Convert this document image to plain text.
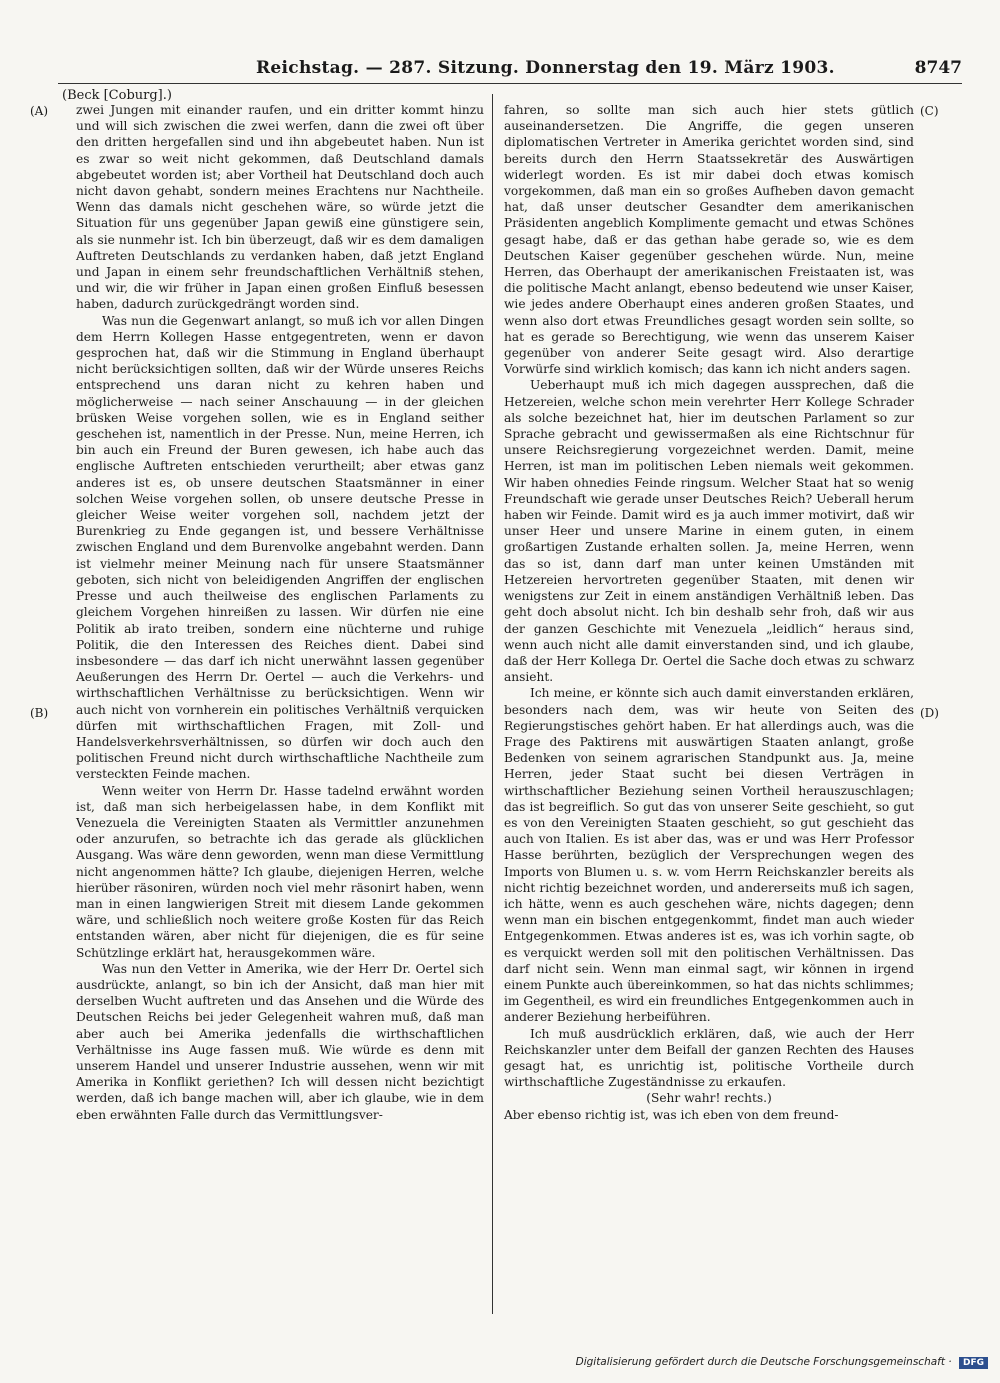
Reichstag. — 287. Sitzung. Donnerstag den 19. März 1903.	8747
(Beck [Coburg].)
(A)
(B)
(C)
(D)

zwei Jungen mit einander raufen, und ein dritter kommt hinzu und will sich zwischen die zwei werfen, dann die zwei oft über den dritten hergefallen sind und ihn abgebeutet haben. Nun ist es zwar so weit nicht gekommen, daß Deutschland damals abgebeutet worden ist; aber Vortheil hat Deutschland doch auch nicht davon gehabt, sondern meines Erachtens nur Nachtheile. Wenn das damals nicht geschehen wäre, so würde jetzt die Situation für uns gegenüber Japan gewiß eine günstigere sein, als sie nunmehr ist. Ich bin überzeugt, daß wir es dem damaligen Auftreten Deutschlands zu verdanken haben, daß jetzt England und Japan in einem sehr freundschaftlichen Verhältniß stehen, und wir, die wir früher in Japan einen großen Einfluß besessen haben, dadurch zurückgedrängt worden sind.

Was nun die Gegenwart anlangt, so muß ich vor allen Dingen dem Herrn Kollegen Hasse entgegentreten, wenn er davon gesprochen hat, daß wir die Stimmung in England überhaupt nicht berücksichtigen sollten, daß wir der Würde unseres Reichs entsprechend uns daran nicht zu kehren haben und möglicherweise — nach seiner Anschauung — in der gleichen brüsken Weise vorgehen sollen, wie es in England seither geschehen ist, namentlich in der Presse. Nun, meine Herren, ich bin auch ein Freund der Buren gewesen, ich habe auch das englische Auftreten entschieden verurtheilt; aber etwas ganz anderes ist es, ob unsere deutschen Staatsmänner in einer solchen Weise vorgehen sollen, ob unsere deutsche Presse in gleicher Weise weiter vorgehen soll, nachdem jetzt der Burenkrieg zu Ende gegangen ist, und bessere Verhältnisse zwischen England und dem Burenvolke angebahnt werden. Dann ist vielmehr meiner Meinung nach für unsere Staatsmänner geboten, sich nicht von beleidigenden Angriffen der englischen Presse und auch theilweise des englischen Parlaments zu gleichem Vorgehen hinreißen zu lassen. Wir dürfen nie eine Politik ab irato treiben, sondern eine nüchterne und ruhige Politik, die den Interessen des Reiches dient. Dabei sind insbesondere — das darf ich nicht unerwähnt lassen gegenüber Aeußerungen des Herrn Dr. Oertel — auch die Verkehrs- und wirthschaftlichen Verhältnisse zu berücksichtigen. Wenn wir auch nicht von vornherein ein politisches Verhältniß verquicken dürfen mit wirthschaftlichen Fragen, mit Zoll- und Handelsverkehrsverhältnissen, so dürfen wir doch auch den politischen Freund nicht durch wirthschaftliche Nachtheile zum versteckten Feinde machen.

Wenn weiter von Herrn Dr. Hasse tadelnd erwähnt worden ist, daß man sich herbeigelassen habe, in dem Konflikt mit Venezuela die Vereinigten Staaten als Vermittler anzunehmen oder anzurufen, so betrachte ich das gerade als glücklichen Ausgang. Was wäre denn geworden, wenn man diese Vermittlung nicht angenommen hätte? Ich glaube, diejenigen Herren, welche hierüber räsoniren, würden noch viel mehr räsonirt haben, wenn man in einen langwierigen Streit mit diesem Lande gekommen wäre, und schließlich noch weitere große Kosten für das Reich entstanden wären, aber nicht für diejenigen, die es für seine Schützlinge erklärt hat, herausgekommen wäre.

Was nun den Vetter in Amerika, wie der Herr Dr. Oertel sich ausdrückte, anlangt, so bin ich der Ansicht, daß man hier mit derselben Wucht auftreten und das Ansehen und die Würde des Deutschen Reichs bei jeder Gelegenheit wahren muß, daß man aber auch bei Amerika jedenfalls die wirthschaftlichen Verhältnisse ins Auge fassen muß. Wie würde es denn mit unserem Handel und unserer Industrie aussehen, wenn wir mit Amerika in Konflikt geriethen? Ich will dessen nicht bezichtigt werden, daß ich bange machen will, aber ich glaube, wie in dem eben erwähnten Falle durch das Vermittlungsver-

fahren, so sollte man sich auch hier stets gütlich auseinandersetzen. Die Angriffe, die gegen unseren diplomatischen Vertreter in Amerika gerichtet worden sind, sind bereits durch den Herrn Staatssekretär des Auswärtigen widerlegt worden. Es ist mir dabei doch etwas komisch vorgekommen, daß man ein so großes Aufheben davon gemacht hat, daß unser deutscher Gesandter dem amerikanischen Präsidenten angeblich Komplimente gemacht und etwas Schönes gesagt habe, daß er das gethan habe gerade so, wie es dem Deutschen Kaiser gegenüber geschehen würde. Nun, meine Herren, das Oberhaupt der amerikanischen Freistaaten ist, was die politische Macht anlangt, ebenso bedeutend wie unser Kaiser, wie jedes andere Oberhaupt eines anderen großen Staates, und wenn also dort etwas Freundliches gesagt worden sein sollte, so hat es gerade so Berechtigung, wie wenn das unserem Kaiser gegenüber von anderer Seite gesagt wird. Also derartige Vorwürfe sind wirklich komisch; das kann ich nicht anders sagen.

Ueberhaupt muß ich mich dagegen aussprechen, daß die Hetzereien, welche schon mein verehrter Herr Kollege Schrader als solche bezeichnet hat, hier im deutschen Parlament so zur Sprache gebracht und gewissermaßen als eine Richtschnur für unsere Reichsregierung vorgezeichnet werden. Damit, meine Herren, ist man im politischen Leben niemals weit gekommen. Wir haben ohnedies Feinde ringsum. Welcher Staat hat so wenig Freundschaft wie gerade unser Deutsches Reich? Ueberall herum haben wir Feinde. Damit wird es ja auch immer motivirt, daß wir unser Heer und unsere Marine in einem guten, in einem großartigen Zustande erhalten sollen. Ja, meine Herren, wenn das so ist, dann darf man unter keinen Umständen mit Hetzereien hervortreten gegenüber Staaten, mit denen wir wenigstens zur Zeit in einem anständigen Verhältniß leben. Das geht doch absolut nicht. Ich bin deshalb sehr froh, daß wir aus der ganzen Geschichte mit Venezuela „leidlich“ heraus sind, wenn auch nicht alle damit einverstanden sind, und ich glaube, daß der Herr Kollega Dr. Oertel die Sache doch etwas zu schwarz ansieht.

Ich meine, er könnte sich auch damit einverstanden erklären, besonders nach dem, was wir heute von Seiten des Regierungstisches gehört haben. Er hat allerdings auch, was die Frage des Paktirens mit auswärtigen Staaten anlangt, große Bedenken von seinem agrarischen Standpunkt aus. Ja, meine Herren, jeder Staat sucht bei diesen Verträgen in wirthschaftlicher Beziehung seinen Vortheil herauszuschlagen; das ist begreiflich. So gut das von unserer Seite geschieht, so gut es von den Vereinigten Staaten geschieht, so gut geschieht das auch von Italien. Es ist aber das, was er und was Herr Professor Hasse berührten, bezüglich der Versprechungen wegen des Imports von Blumen u. s. w. vom Herrn Reichskanzler bereits als nicht richtig bezeichnet worden, und andererseits muß ich sagen, ich hätte, wenn es auch geschehen wäre, nichts dagegen; denn wenn man ein bischen entgegenkommt, findet man auch wieder Entgegenkommen. Etwas anderes ist es, was ich vorhin sagte, ob es verquickt werden soll mit den politischen Verhältnissen. Das darf nicht sein. Wenn man einmal sagt, wir können in irgend einem Punkte auch übereinkommen, so hat das nichts schlimmes; im Gegentheil, es wird ein freundliches Entgegenkommen auch in anderer Beziehung herbeiführen.

Ich muß ausdrücklich erklären, daß, wie auch der Herr Reichskanzler unter dem Beifall der ganzen Rechten des Hauses gesagt hat, es unrichtig ist, politische Vortheile durch wirthschaftliche Zugeständnisse zu erkaufen.

(Sehr wahr! rechts.)

Aber ebenso richtig ist, was ich eben von dem freund-

Digitalisierung gefördert durch die Deutsche Forschungsgemeinschaft · DFG
